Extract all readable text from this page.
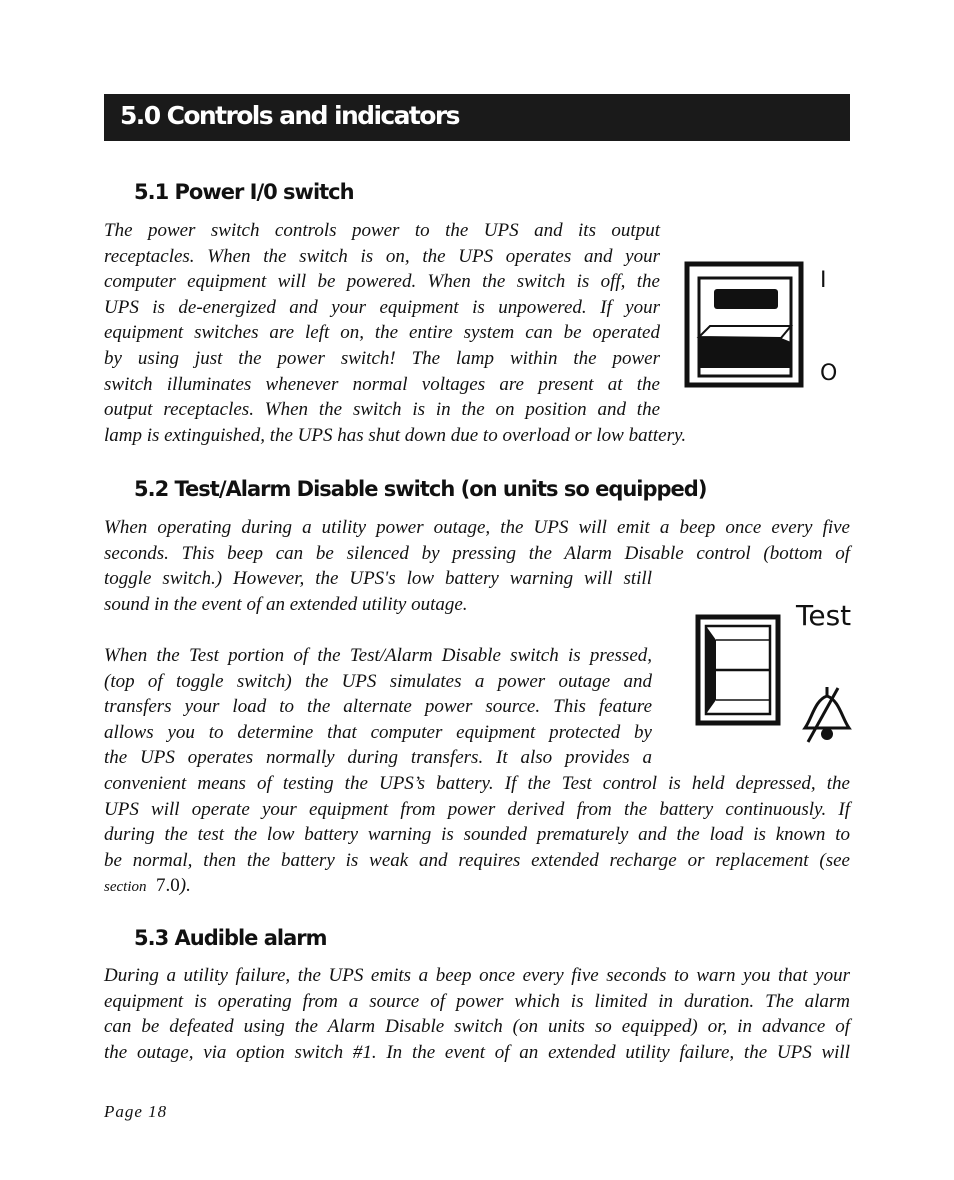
5.0 Controls and indicators
5.1 Power I/0 switch
The power switch controls power to the UPS and its output
receptacles. When the switch is on, the UPS operates and your
computer equipment will be powered. When the switch is off, the
UPS is de-energized and your equipment is unpowered. If your
equipment switches are left on, the entire system can be operated
by using just the power switch! The lamp within the power
switch illuminates whenever normal voltages are present at the
output receptacles. When the switch is in the on position and the
lamp is extinguished, the UPS has shut down due to overload or low battery.
I
O
5.2 Test/Alarm Disable switch (on units so equipped)
When operating during a utility power outage, the UPS will emit a beep once every five
seconds. This beep can be silenced by pressing the Alarm Disable control (bottom of
toggle switch.) However, the UPS's low battery warning will still
sound in the event of an extended utility outage.
When the Test portion of the Test/Alarm Disable switch is pressed,
(top of toggle switch) the UPS simulates a power outage and
transfers your load to the alternate power source. This feature
allows you to determine that computer equipment protected by
the UPS operates normally during transfers. It also provides a
convenient means of testing the UPS’s battery. If the Test control is held depressed, the
UPS will operate your equipment from power derived from the battery continuously. If
during the test the low battery warning is sounded prematurely and the load is known to
be normal, then the battery is weak and requires extended recharge or replacement (see
section 7.0).
Test
5.3 Audible alarm
During a utility failure, the UPS emits a beep once every five seconds to warn you that your
equipment is operating from a source of power which is limited in duration. The alarm
can be defeated using the Alarm Disable switch (on units so equipped) or, in advance of
the outage, via option switch #1. In the event of an extended utility failure, the UPS will

Page 18
